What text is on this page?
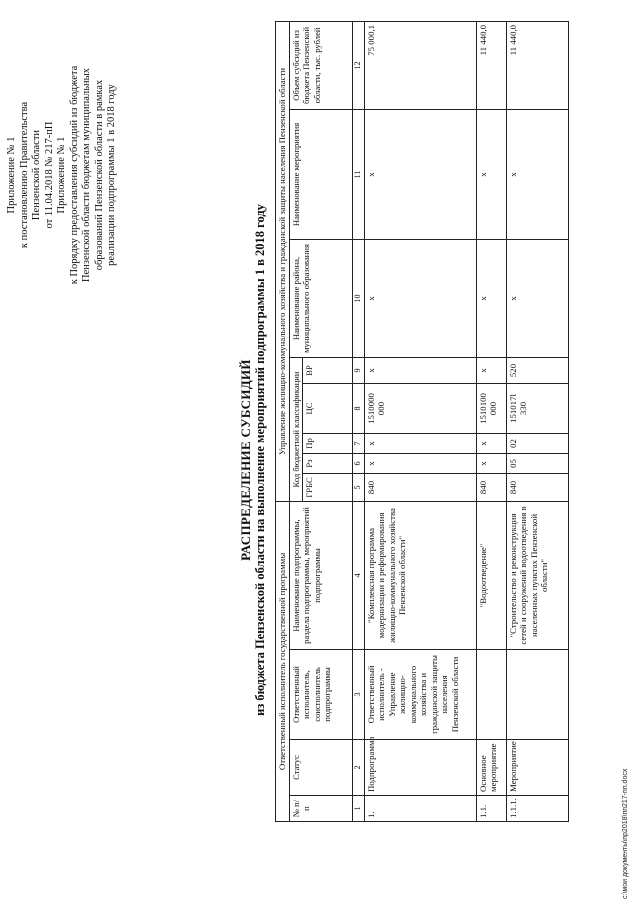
Приложение № 1 к постановлению Правительства Пензенской области от 11.04.2018 № 217-пП Приложение № 1 к Порядку предоставления субсидий из бюджета Пензенской области бюджетам муниципальных образований Пензенской области в рамках реализации подпрограммы 1 в 2018 году
РАСПРЕДЕЛЕНИЕ СУБСИДИЙ из бюджета Пензенской области на выполнение мероприятий подпрограммы 1 в 2018 году Ответственный исполнитель государственной программы				Управление жилищно-коммунального хозяйства и гражданской защиты населения Пензенской области							
№ п/п	Статус	Ответственный исполнитель, соисполнитель подпрограммы	Наименование подпрограммы, раздела подпрограммы, мероприятий подпрограммы	Код бюджетной классификации					Наименование района, муниципального образования	Наименование мероприятия	Объем субсидий из бюджета Пензенской области, тыс. рублей
				ГРБС	Рз	Пр	ЦС	ВР			
1	2	3	4	5	6	7	8	9	10	11	12
1.	Подпрограмма	Ответственный исполнитель - Управление жилищно-коммунального хозяйства и гражданской защиты населения Пензенской области	"Комплексная программа модернизации и реформирования жилищно-коммунального хозяйства Пензенской области"	840	х	х	1510000 000	х	х	х	75 000,1
1.1.	Основное мероприятие		"Водоотведение"	840	х	х	1510100 000	х	х	х	11 440,0
1.1.1.	Мероприятие		"Строительство и реконструкция сетей и сооружений водоотведения в населенных пунктах Пензенской области"	840	05	02	151017l 330	520	х	х	11 440,0
c:\мои документы\пр2018\пп217-пп.docx
